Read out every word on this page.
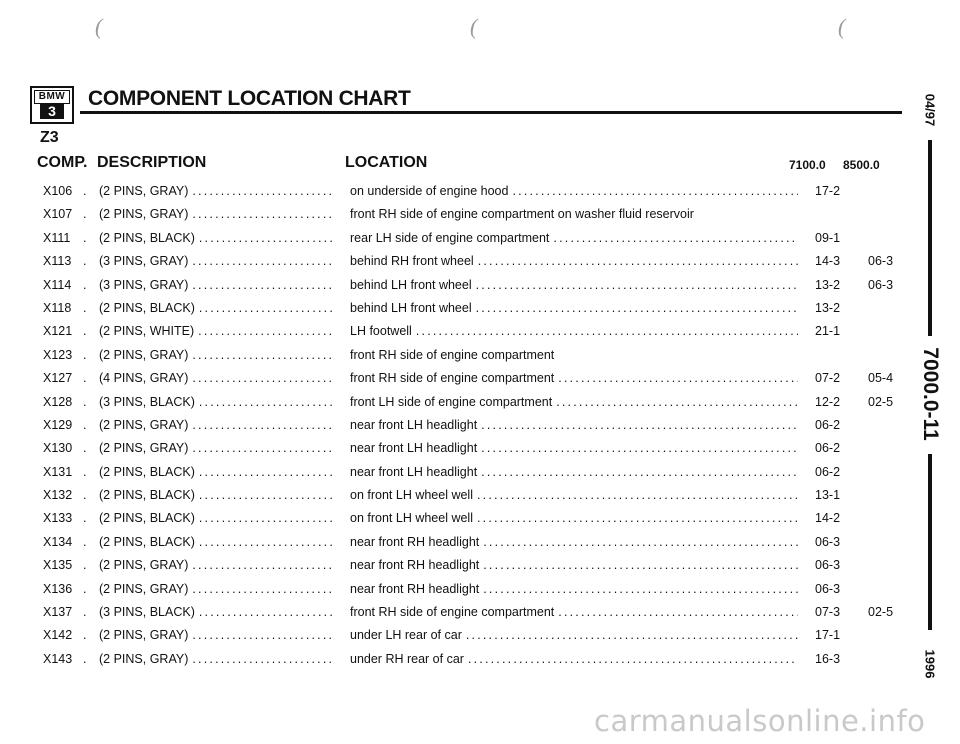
(	(	(
BMW
3
COMPONENT LOCATION CHART
Z3
COMP. DESCRIPTION	LOCATION	7100.0 8500.0
X106 . (2 PINS, GRAY) .....	on underside of engine hood .....	17-2
X107 . (2 PINS, GRAY) .....	front RH side of engine compartment on washer fluid reservoir
X111 . (2 PINS, BLACK) .....	rear LH side of engine compartment .....	09-1
X113 . (3 PINS, GRAY) .....	behind RH front wheel .....	14-3 06-3
X114 . (3 PINS, GRAY) .....	behind LH front wheel .....	13-2 06-3
X118 . (2 PINS, BLACK) .....	behind LH front wheel .....	13-2
X121 . (2 PINS, WHITE) .....	LH footwell .....	21-1
X123 . (2 PINS, GRAY) .....	front RH side of engine compartment
X127 . (4 PINS, GRAY) .....	front RH side of engine compartment .....	07-2 05-4
X128 . (3 PINS, BLACK) .....	front LH side of engine compartment .....	12-2 02-5
X129 . (2 PINS, GRAY) .....	near front LH headlight .....	06-2
X130 . (2 PINS, GRAY) .....	near front LH headlight .....	06-2
X131 . (2 PINS, BLACK) .....	near front LH headlight .....	06-2
X132 . (2 PINS, BLACK) .....	on front LH wheel well .....	13-1
X133 . (2 PINS, BLACK) .....	on front LH wheel well .....	14-2
X134 . (2 PINS, BLACK) .....	near front RH headlight .....	06-3
X135 . (2 PINS, GRAY) .....	near front RH headlight .....	06-3
X136 . (2 PINS, GRAY) .....	near front RH headlight .....	06-3
X137 . (3 PINS, BLACK) .....	front RH side of engine compartment .....	07-3 02-5
X142 . (2 PINS, GRAY) .....	under LH rear of car .....	17-1
X143 . (2 PINS, GRAY) .....	under RH rear of car .....	16-3
04/97
7000.0-11
1996
carmanualsonline.info
